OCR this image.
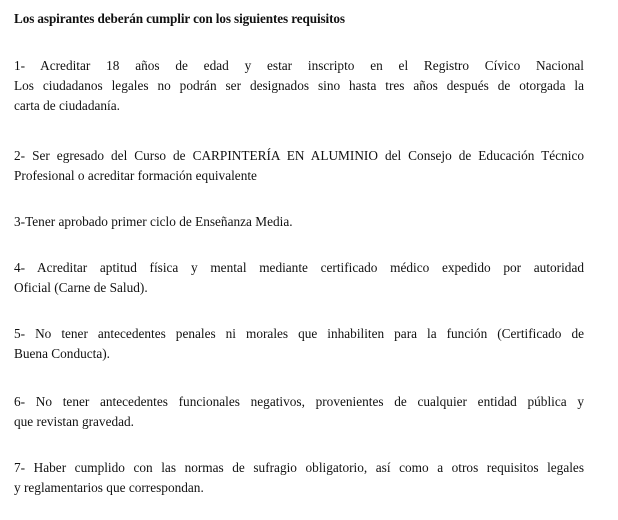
Los aspirantes deberán cumplir con los siguientes requisitos

1- Acreditar 18 años de edad y estar inscripto en el Registro Cívico Nacional
Los ciudadanos legales no podrán ser designados sino hasta tres años después de otorgada la
carta de ciudadanía.

2- Ser egresado del Curso de CARPINTERÍA EN ALUMINIO del Consejo de Educación Técnico
Profesional o acreditar formación equivalente

3-Tener aprobado primer ciclo de Enseñanza Media.

4- Acreditar aptitud física y mental mediante certificado médico expedido por autoridad
Oficial (Carne de Salud).

5- No tener antecedentes penales ni morales que inhabiliten para la función (Certificado de
Buena Conducta).

6- No tener antecedentes funcionales negativos, provenientes de cualquier entidad pública y
que revistan gravedad.

7- Haber cumplido con las normas de sufragio obligatorio, así como a otros requisitos legales
y reglamentarios que correspondan.
